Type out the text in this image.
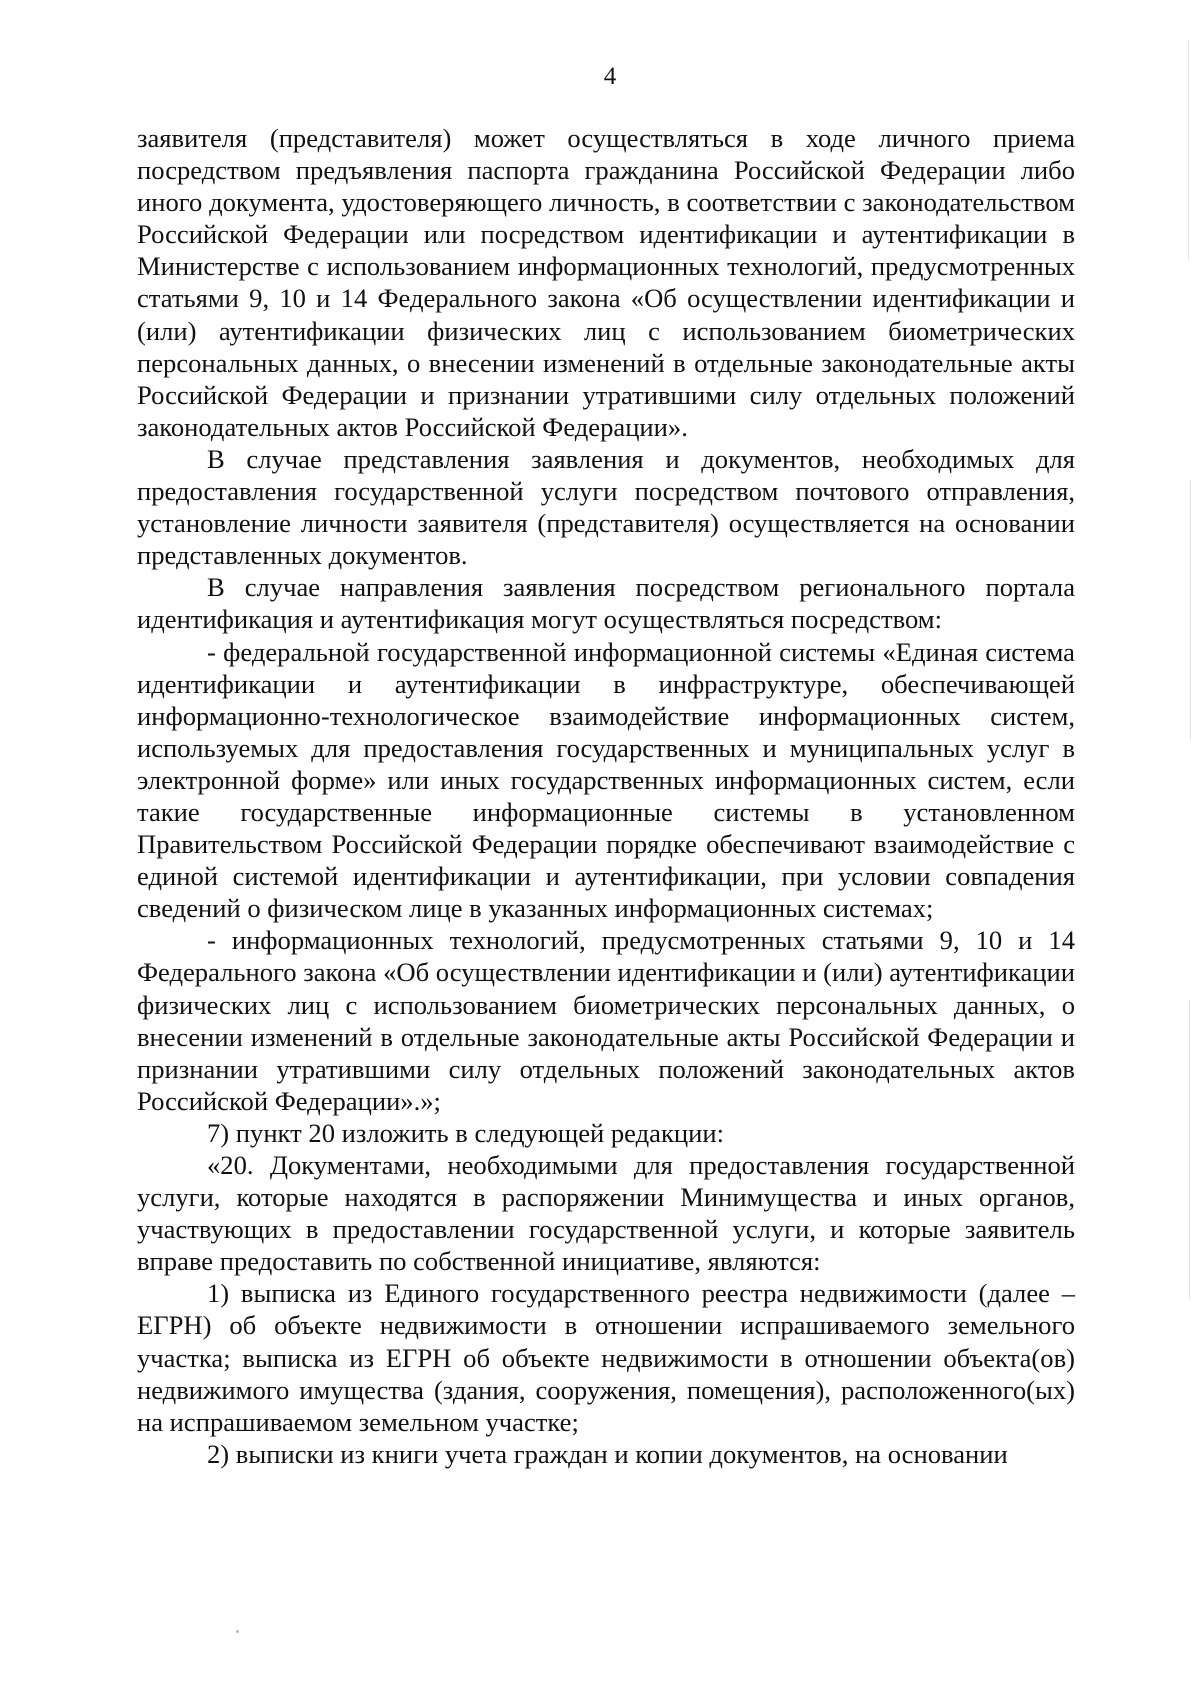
4

заявителя (представителя) может осуществляться в ходе личного приема посредством предъявления паспорта гражданина Российской Федерации либо иного документа, удостоверяющего личность, в соответствии с законодательством Российской Федерации или посредством идентификации и аутентификации в Министерстве с использованием информационных технологий, предусмотренных статьями 9, 10 и 14 Федерального закона «Об осуществлении идентификации и (или) аутентификации физических лиц с использованием биометрических персональных данных, о внесении изменений в отдельные законодательные акты Российской Федерации и признании утратившими силу отдельных положений законодательных актов Российской Федерации».

В случае представления заявления и документов, необходимых для предоставления государственной услуги посредством почтового отправления, установление личности заявителя (представителя) осуществляется на основании представленных документов.

В случае направления заявления посредством регионального портала идентификация и аутентификация могут осуществляться посредством:

- федеральной государственной информационной системы «Единая система идентификации и аутентификации в инфраструктуре, обеспечивающей информационно-технологическое взаимодействие информационных систем, используемых для предоставления государственных и муниципальных услуг в электронной форме» или иных государственных информационных систем, если такие государственные информационные системы в установленном Правительством Российской Федерации порядке обеспечивают взаимодействие с единой системой идентификации и аутентификации, при условии совпадения сведений о физическом лице в указанных информационных системах;

- информационных технологий, предусмотренных статьями 9, 10 и 14 Федерального закона «Об осуществлении идентификации и (или) аутентификации физических лиц с использованием биометрических персональных данных, о внесении изменений в отдельные законодательные акты Российской Федерации и признании утратившими силу отдельных положений законодательных актов Российской Федерации».»;

7) пункт 20 изложить в следующей редакции:

«20. Документами, необходимыми для предоставления государственной услуги, которые находятся в распоряжении Минимущества и иных органов, участвующих в предоставлении государственной услуги, и которые заявитель вправе предоставить по собственной инициативе, являются:

1) выписка из Единого государственного реестра недвижимости (далее – ЕГРН) об объекте недвижимости в отношении испрашиваемого земельного участка; выписка из ЕГРН об объекте недвижимости в отношении объекта(ов) недвижимого имущества (здания, сооружения, помещения), расположенного(ых) на испрашиваемом земельном участке;

2) выписки из книги учета граждан и копии документов, на основании
